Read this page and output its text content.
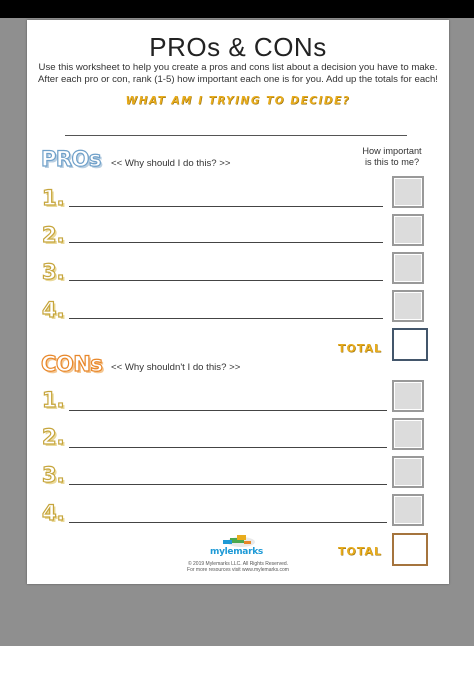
PROs & CONs
Use this worksheet to help you create a pros and cons list about a decision you have to make. After each pro or con, rank (1-5) how important each one is for you. Add up the totals for each!
WHAT AM I TRYING TO DECIDE?
PROs << Why should I do this? >>
How important is this to me?
1.
2.
3.
4.
TOTAL
CONs << Why shouldn't I do this? >>
1.
2.
3.
4.
TOTAL
mylemarks
© 2019 Mylemarks LLC. All Rights Reserved.
For more resources visit www.mylemarks.com
